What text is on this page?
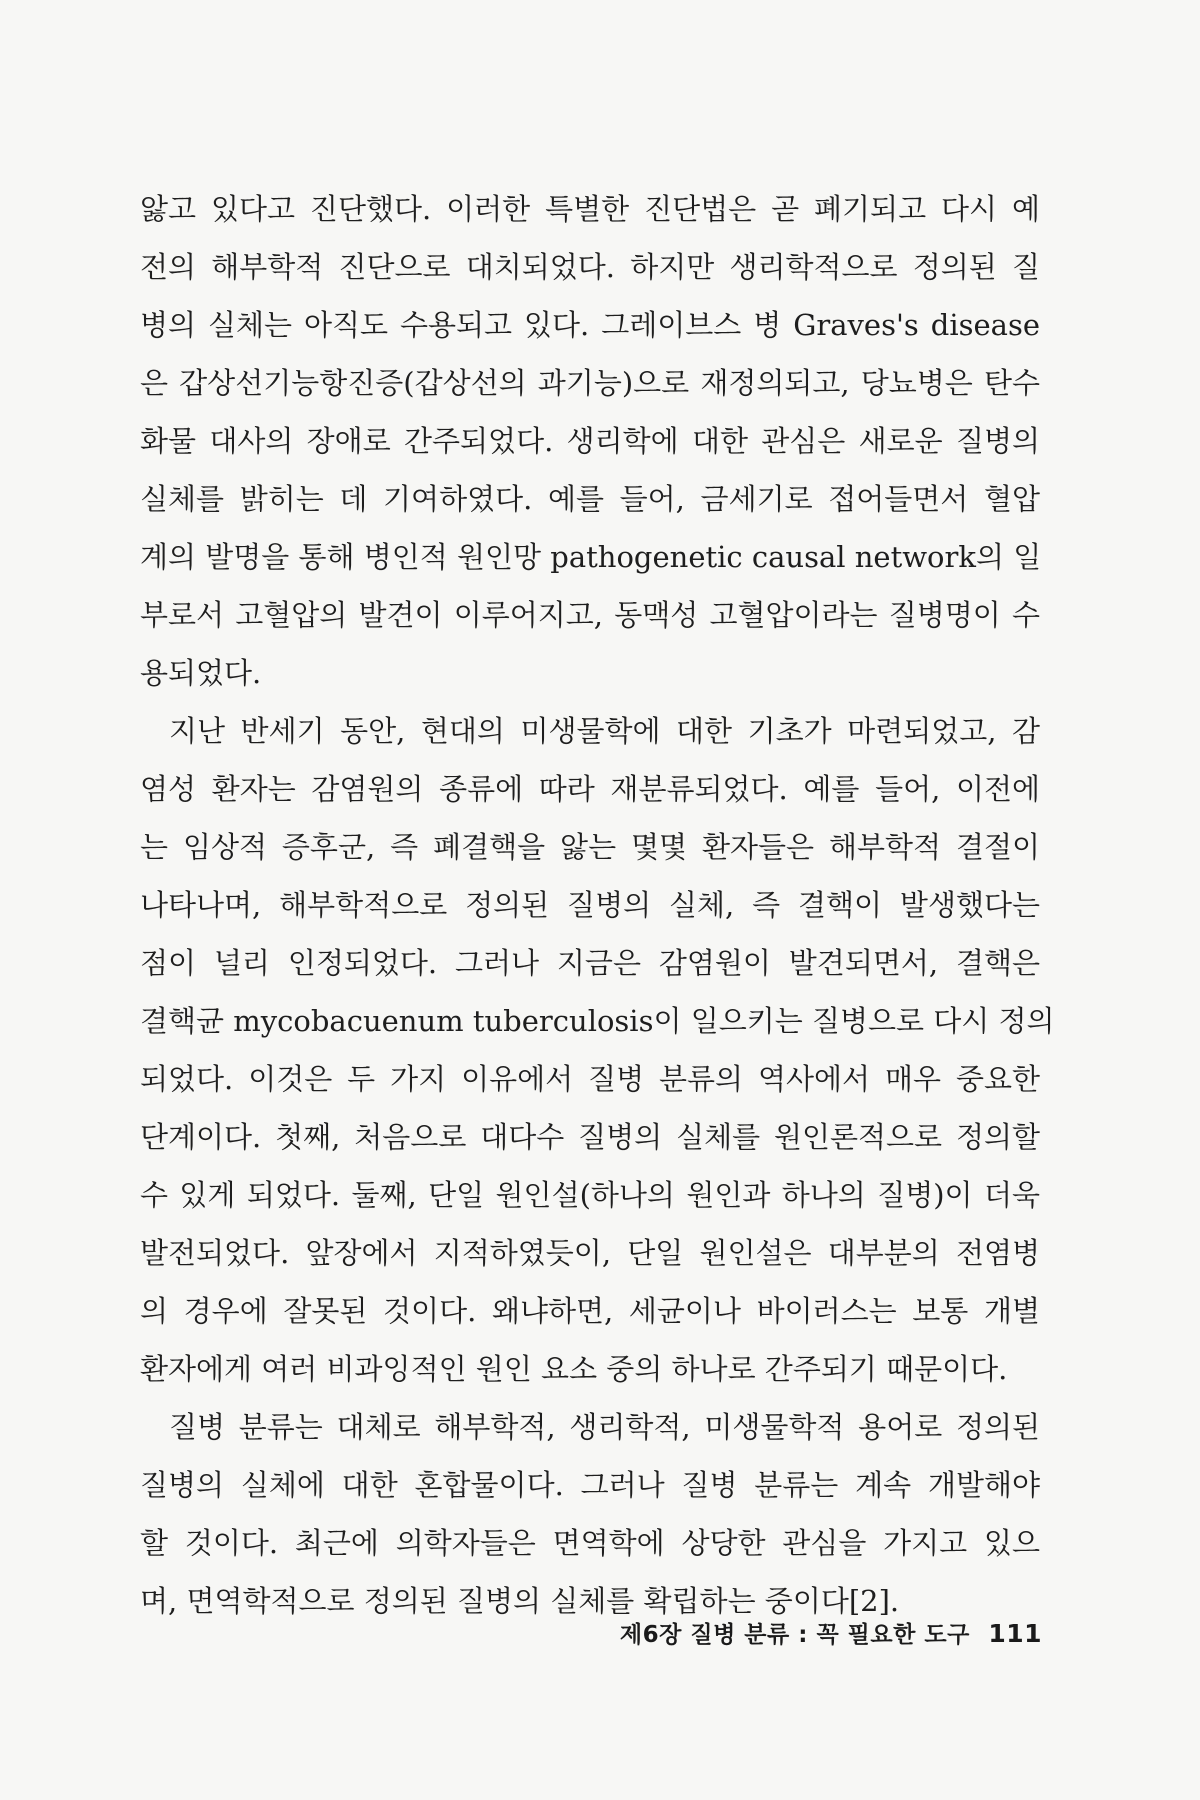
앓고 있다고 진단했다. 이러한 특별한 진단법은 곧 폐기되고 다시 예
전의 해부학적 진단으로 대치되었다. 하지만 생리학적으로 정의된 질
병의 실체는 아직도 수용되고 있다. 그레이브스 병 Graves's disease
은 갑상선기능항진증(갑상선의 과기능)으로 재정의되고, 당뇨병은 탄수
화물 대사의 장애로 간주되었다. 생리학에 대한 관심은 새로운 질병의
실체를 밝히는 데 기여하였다. 예를 들어, 금세기로 접어들면서 혈압
계의 발명을 통해 병인적 원인망 pathogenetic causal network의 일
부로서 고혈압의 발견이 이루어지고, 동맥성 고혈압이라는 질병명이 수
용되었다.
지난 반세기 동안, 현대의 미생물학에 대한 기초가 마련되었고, 감
염성 환자는 감염원의 종류에 따라 재분류되었다. 예를 들어, 이전에
는 임상적 증후군, 즉 폐결핵을 앓는 몇몇 환자들은 해부학적 결절이
나타나며, 해부학적으로 정의된 질병의 실체, 즉 결핵이 발생했다는
점이 널리 인정되었다. 그러나 지금은 감염원이 발견되면서, 결핵은
결핵균 mycobacuenum tuberculosis이 일으키는 질병으로 다시 정의
되었다. 이것은 두 가지 이유에서 질병 분류의 역사에서 매우 중요한
단계이다. 첫째, 처음으로 대다수 질병의 실체를 원인론적으로 정의할
수 있게 되었다. 둘째, 단일 원인설(하나의 원인과 하나의 질병)이 더욱
발전되었다. 앞장에서 지적하였듯이, 단일 원인설은 대부분의 전염병
의 경우에 잘못된 것이다. 왜냐하면, 세균이나 바이러스는 보통 개별
환자에게 여러 비과잉적인 원인 요소 중의 하나로 간주되기 때문이다.
질병 분류는 대체로 해부학적, 생리학적, 미생물학적 용어로 정의된
질병의 실체에 대한 혼합물이다. 그러나 질병 분류는 계속 개발해야
할 것이다. 최근에 의학자들은 면역학에 상당한 관심을 가지고 있으
며, 면역학적으로 정의된 질병의 실체를 확립하는 중이다[2].
제6장 질병 분류 : 꼭 필요한 도구 111
